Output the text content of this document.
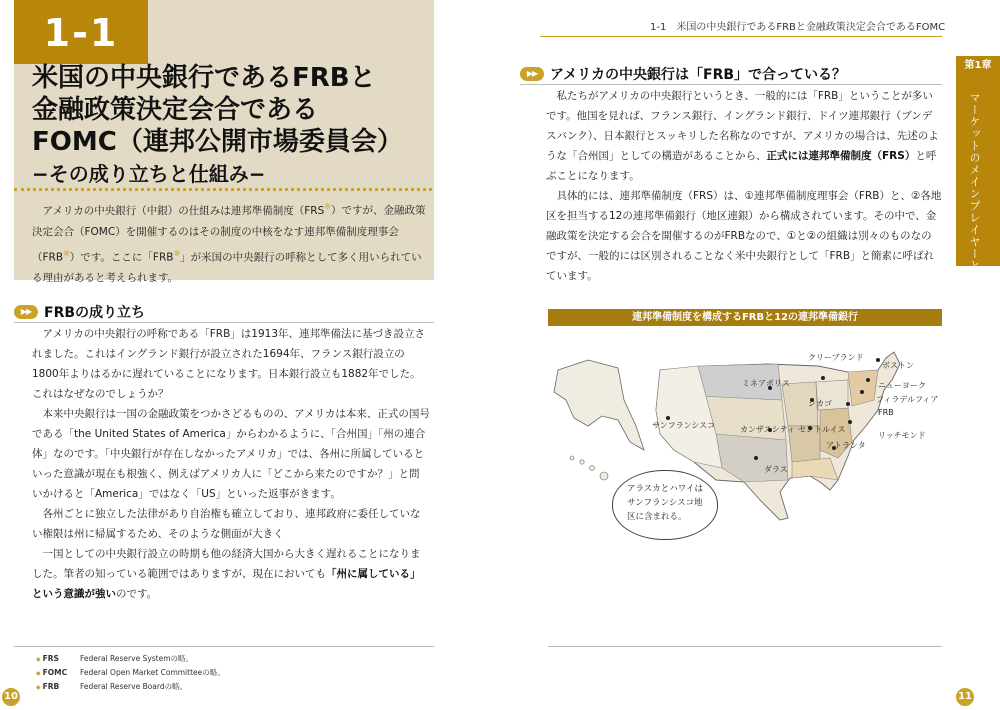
1-1
米国の中央銀行であるFRBと
金融政策決定会合である
FOMC（連邦公開市場委員会）
−その成り立ちと仕組み−
アメリカの中央銀行（中銀）の仕組みは連邦準備制度（FRS※）ですが、金融政策決定会合（FOMC）を開催するのはその制度の中核をなす連邦準備制度理事会（FRB※）です。ここに「FRB※」が米国の中央銀行の呼称として多く用いられている理由があると考えられます。
▶▶ FRBの成り立ち

アメリカの中央銀行の呼称である「FRB」は1913年、連邦準備法に基づき設立されました。これはイングランド銀行が設立された1694年、フランス銀行設立の1800年よりはるかに遅れていることになります。日本銀行設立も1882年でした。これはなぜなのでしょうか？

本来中央銀行は一国の金融政策をつかさどるものの、アメリカは本来、正式の国号である「the United States of America」からわかるように、「合州国」「州の連合体」なのです。「中央銀行が存在しなかったアメリカ」では、各州に所属しているといった意識が現在も根強く、例えばアメリカ人に「どこから来たのですか？」と問いかけると「America」ではなく「US」といった返事がきます。

各州ごとに独立した法律があり自治権も確立しており、連邦政府に委任していない権限は州に帰属するため、そのような側面が大きく

一国としての中央銀行設立の時期も他の経済大国から大きく遅れることになりました。筆者の知っている範囲ではありますが、現在においても「州に属している」という意識が強いのです。

◆ FRS	Federal Reserve Systemの略。
◆ FOMC	Federal Open Market Committeeの略。
◆ FRB	Federal Reserve Boardの略。
10
1-1　米国の中央銀行であるFRBと金融政策決定会合であるFOMC
第1章
マーケットのメインプレイヤーとなったFRB
▶▶ アメリカの中央銀行は「FRB」で合っている？

私たちがアメリカの中央銀行というとき、一般的には「FRB」ということが多いです。他国を見れば、フランス銀行、イングランド銀行、ドイツ連邦銀行（ブンデスバンク）、日本銀行とスッキリした名称なのですが、アメリカの場合は、先述のような「合州国」としての構造があることから、正式には連邦準備制度（FRS）と呼ぶことになります。

具体的には、連邦準備制度（FRS）は、①連邦準備制度理事会（FRB）と、②各地区を担当する12の連邦準備銀行（地区連銀）から構成されています。その中で、金融政策を決定する会合を開催するのがFRBなので、①と②の組織は別々のものなのですが、一般的には区別されることなく米中央銀行として「FRB」と簡素に呼ばれています。

連邦準備制度を構成するFRBと12の連邦準備銀行
クリーブランド
ボストン
ミネアポリス	ニューヨーク
シカゴ	フィラデルフィア
サンフランシスコ
FRB
カンザスシティ セントルイス
リッチモンド
アトランタ
ダラス
アラスカとハワイはサンフランシスコ地区に含まれる。
11
